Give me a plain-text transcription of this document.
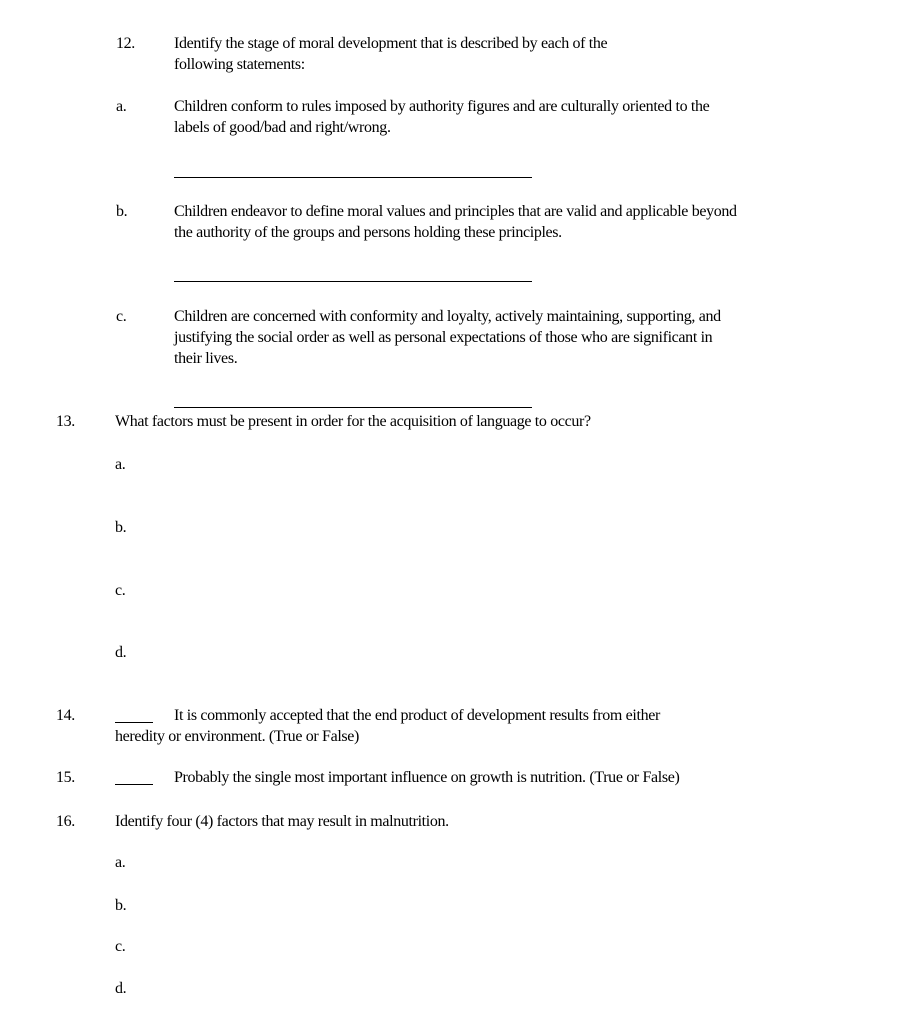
12. Identify the stage of moral development that is described by each of the
following statements:
a.	Children conform to rules imposed by authority figures and are culturally oriented to the
labels of good/bad and right/wrong.
b.	Children endeavor to define moral values and principles that are valid and applicable beyond
the authority of the groups and persons holding these principles.
c.	Children are concerned with conformity and loyalty, actively maintaining, supporting, and
justifying the social order as well as personal expectations of those who are significant in
their lives.
13.	What factors must be present in order for the acquisition of language to occur?
a.
b.
c.
d.
14.	It is commonly accepted that the end product of development results from either
heredity or environment. (True or False)
15.	Probably the single most important influence on growth is nutrition. (True or False)
16.	Identify four (4) factors that may result in malnutrition.
a.
b.
c.
d.
